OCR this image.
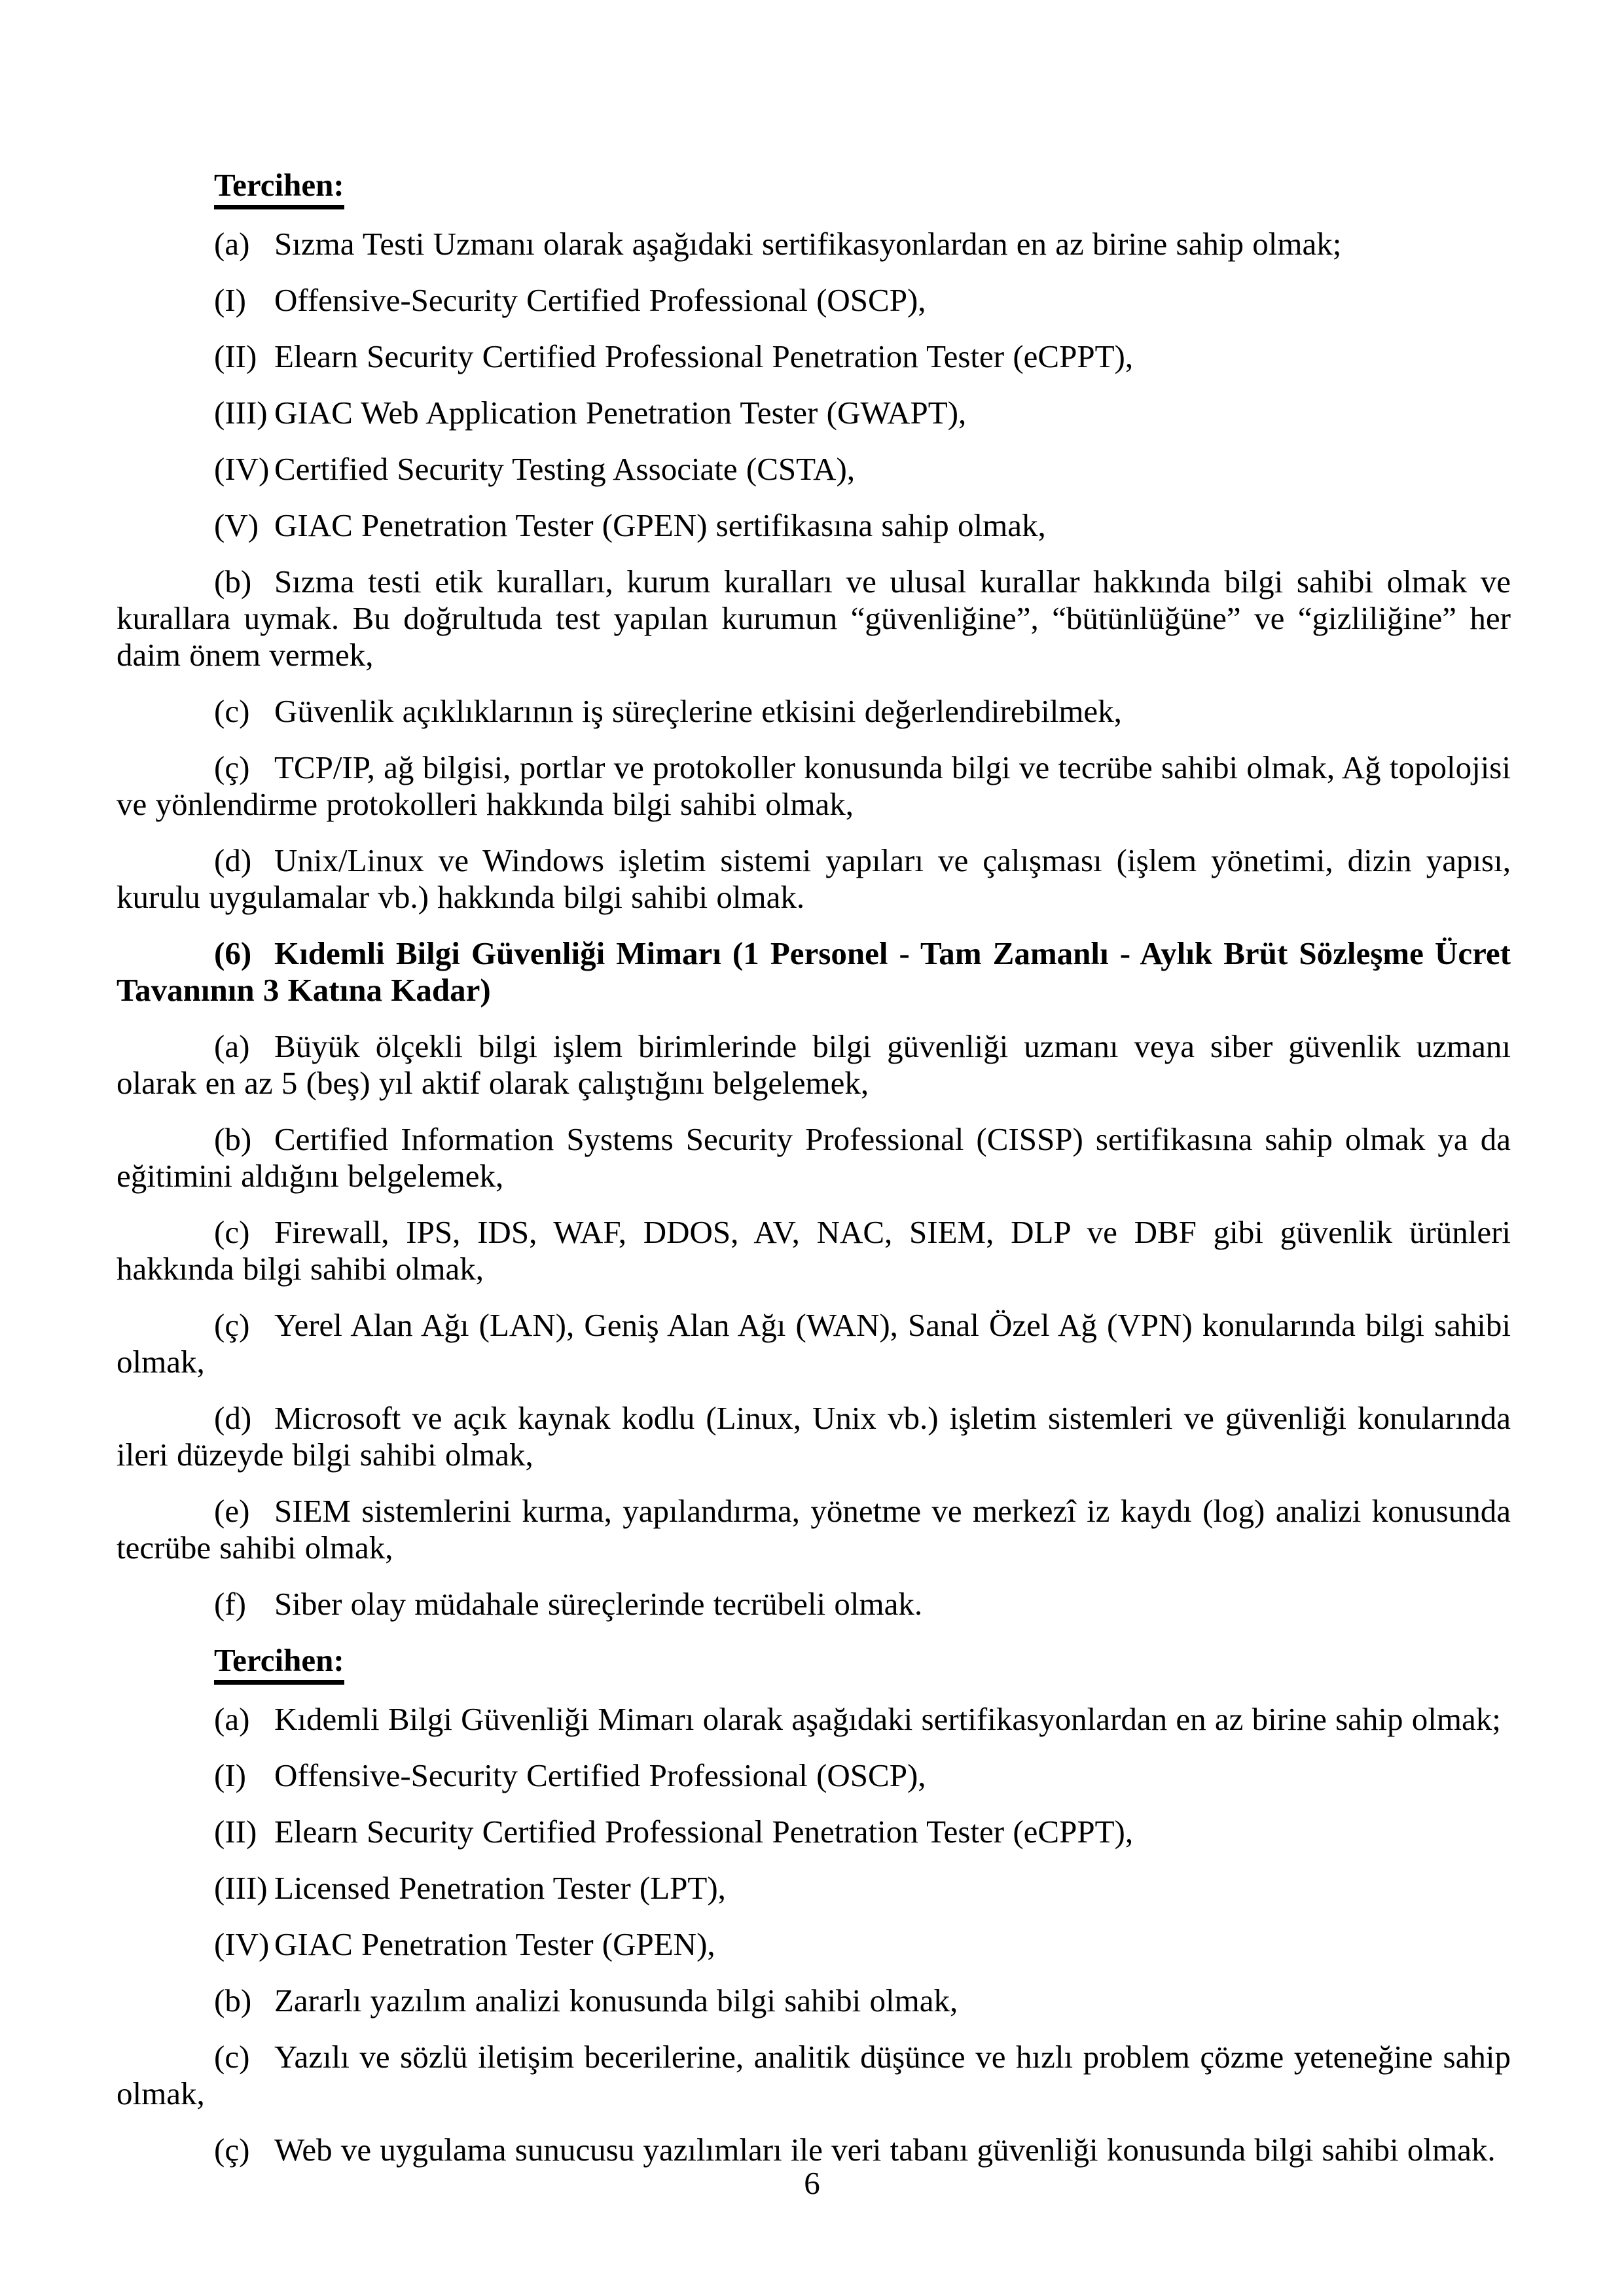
Tercihen:

(a) Sızma Testi Uzmanı olarak aşağıdaki sertifikasyonlardan en az birine sahip olmak;

(I) Offensive-Security Certified Professional (OSCP),

(II) Elearn Security Certified Professional Penetration Tester (eCPPT),

(III) GIAC Web Application Penetration Tester (GWAPT),

(IV) Certified Security Testing Associate (CSTA),

(V) GIAC Penetration Tester (GPEN) sertifikasına sahip olmak,

(b) Sızma testi etik kuralları, kurum kuralları ve ulusal kurallar hakkında bilgi sahibi olmak ve kurallara uymak. Bu doğrultuda test yapılan kurumun “güvenliğine”, “bütünlüğüne” ve “gizliliğine” her daim önem vermek,

(c) Güvenlik açıklıklarının iş süreçlerine etkisini değerlendirebilmek,

(ç) TCP/IP, ağ bilgisi, portlar ve protokoller konusunda bilgi ve tecrübe sahibi olmak, Ağ topolojisi ve yönlendirme protokolleri hakkında bilgi sahibi olmak,

(d) Unix/Linux ve Windows işletim sistemi yapıları ve çalışması (işlem yönetimi, dizin yapısı, kurulu uygulamalar vb.) hakkında bilgi sahibi olmak.

(6) Kıdemli Bilgi Güvenliği Mimarı (1 Personel - Tam Zamanlı - Aylık Brüt Sözleşme Ücret Tavanının 3 Katına Kadar)

(a) Büyük ölçekli bilgi işlem birimlerinde bilgi güvenliği uzmanı veya siber güvenlik uzmanı olarak en az 5 (beş) yıl aktif olarak çalıştığını belgelemek,

(b) Certified Information Systems Security Professional (CISSP) sertifikasına sahip olmak ya da eğitimini aldığını belgelemek,

(c) Firewall, IPS, IDS, WAF, DDOS, AV, NAC, SIEM, DLP ve DBF gibi güvenlik ürünleri hakkında bilgi sahibi olmak,

(ç) Yerel Alan Ağı (LAN), Geniş Alan Ağı (WAN), Sanal Özel Ağ (VPN) konularında bilgi sahibi olmak,

(d) Microsoft ve açık kaynak kodlu (Linux, Unix vb.) işletim sistemleri ve güvenliği konularında ileri düzeyde bilgi sahibi olmak,

(e) SIEM sistemlerini kurma, yapılandırma, yönetme ve merkezî iz kaydı (log) analizi konusunda tecrübe sahibi olmak,

(f) Siber olay müdahale süreçlerinde tecrübeli olmak.

Tercihen:

(a) Kıdemli Bilgi Güvenliği Mimarı olarak aşağıdaki sertifikasyonlardan en az birine sahip olmak;

(I) Offensive-Security Certified Professional (OSCP),

(II) Elearn Security Certified Professional Penetration Tester (eCPPT),

(III) Licensed Penetration Tester (LPT),

(IV) GIAC Penetration Tester (GPEN),

(b) Zararlı yazılım analizi konusunda bilgi sahibi olmak,

(c) Yazılı ve sözlü iletişim becerilerine, analitik düşünce ve hızlı problem çözme yeteneğine sahip olmak,

(ç) Web ve uygulama sunucusu yazılımları ile veri tabanı güvenliği konusunda bilgi sahibi olmak.

6
